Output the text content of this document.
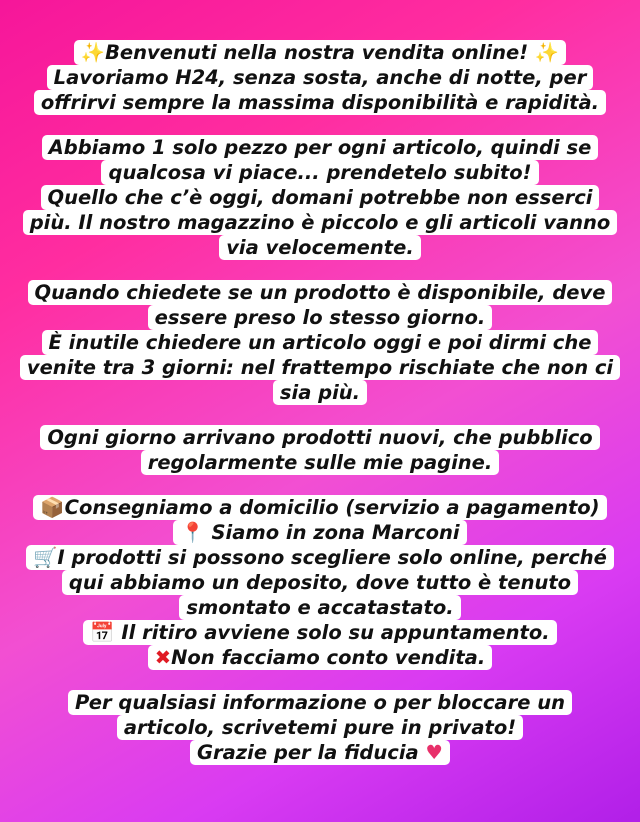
✨Benvenuti nella nostra vendita online! ✨
Lavoriamo H24, senza sosta, anche di notte, per
offrirvi sempre la massima disponibilità e rapidità.
Abbiamo 1 solo pezzo per ogni articolo, quindi se
qualcosa vi piace... prendetelo subito!
Quello che c’è oggi, domani potrebbe non esserci
più. Il nostro magazzino è piccolo e gli articoli vanno
via velocemente.
Quando chiedete se un prodotto è disponibile, deve
essere preso lo stesso giorno.
È inutile chiedere un articolo oggi e poi dirmi che
venite tra 3 giorni: nel frattempo rischiate che non ci
sia più.
Ogni giorno arrivano prodotti nuovi, che pubblico
regolarmente sulle mie pagine.
📦Consegniamo a domicilio (servizio a pagamento)
📍 Siamo in zona Marconi
🛒I prodotti si possono scegliere solo online, perché
qui abbiamo un deposito, dove tutto è tenuto
smontato e accatastato.
📅 Il ritiro avviene solo su appuntamento.
✖Non facciamo conto vendita.
Per qualsiasi informazione o per bloccare un
articolo, scrivetemi pure in privato!
Grazie per la fiducia ♥
